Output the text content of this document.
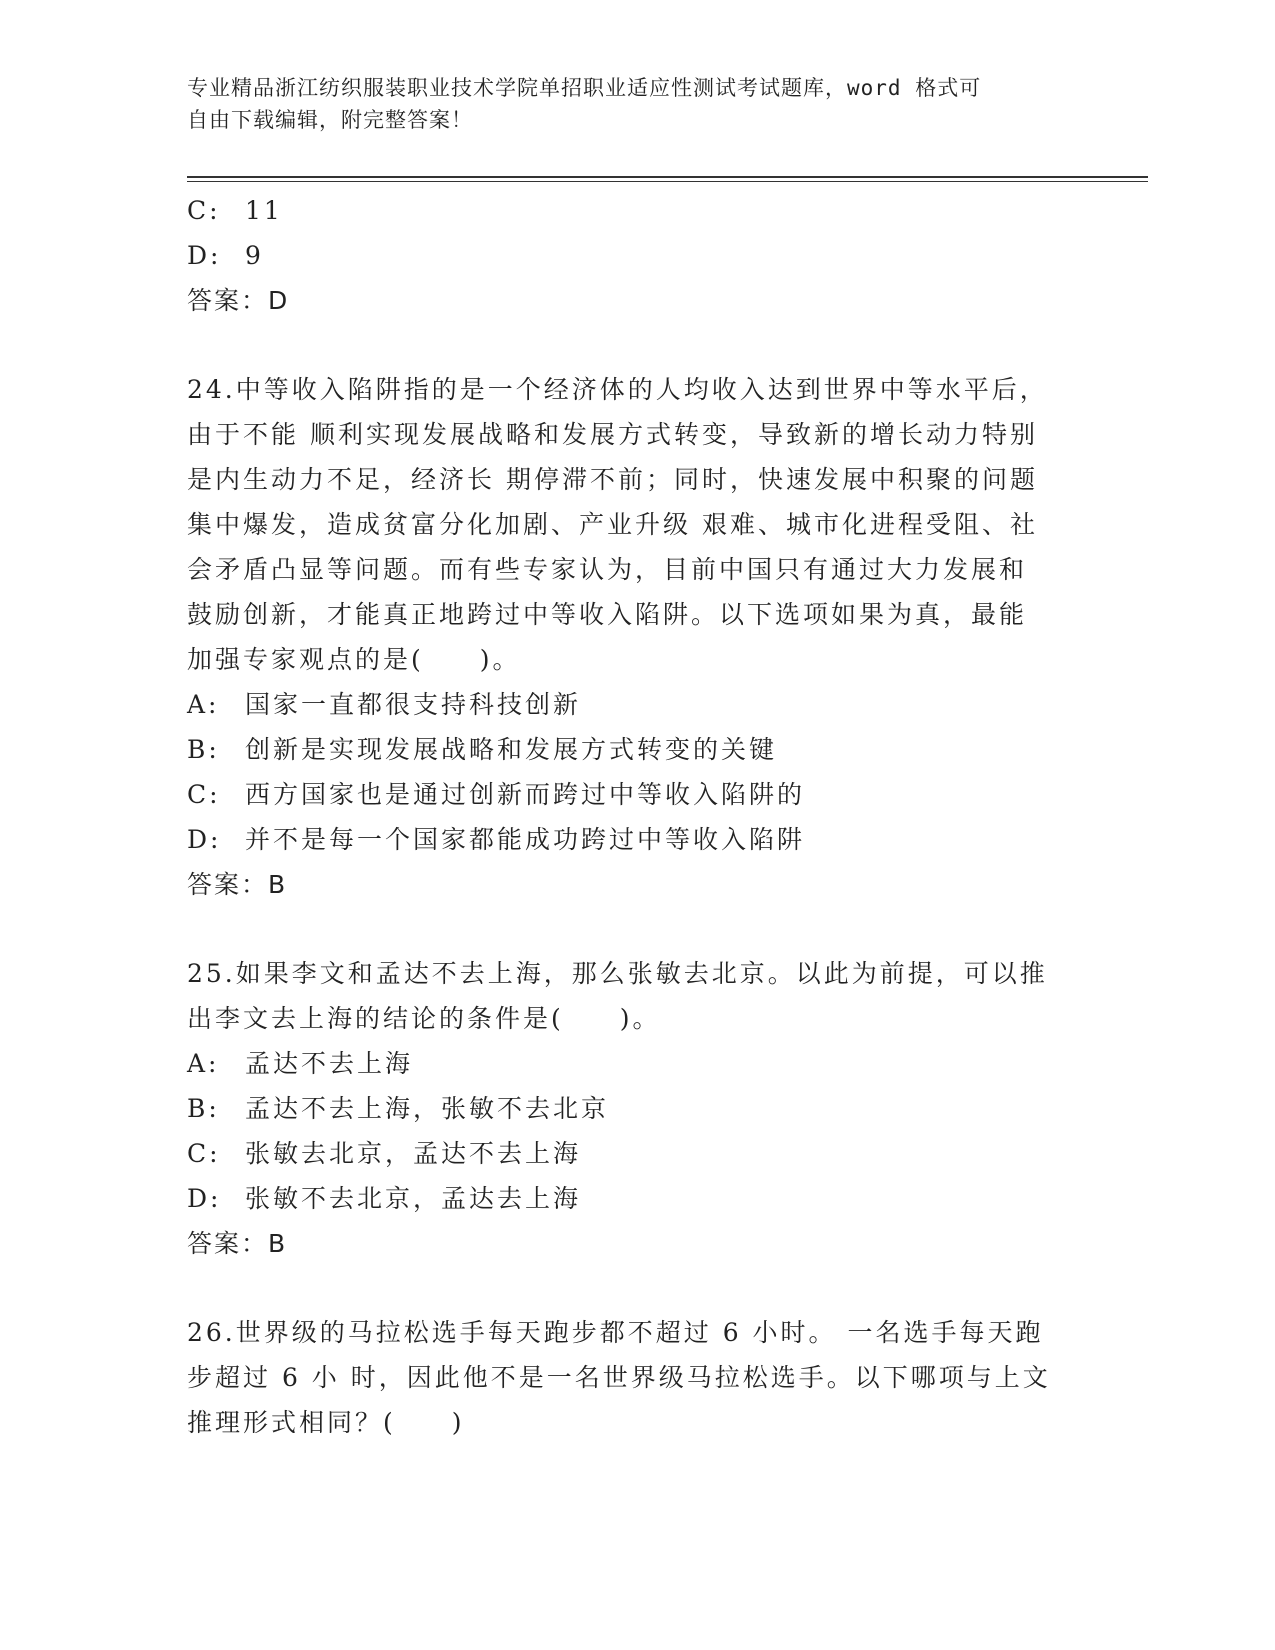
专业精品浙江纺织服装职业技术学院单招职业适应性测试考试题库，word 格式可
自由下载编辑，附完整答案！
C: 11
D: 9
答案：D
24.中等收入陷阱指的是一个经济体的人均收入达到世界中等水平后，
由于不能 顺利实现发展战略和发展方式转变，导致新的增长动力特别
是内生动力不足，经济长 期停滞不前；同时，快速发展中积聚的问题
集中爆发，造成贫富分化加剧、产业升级 艰难、城市化进程受阻、社
会矛盾凸显等问题。而有些专家认为，目前中国只有通过大力发展和
鼓励创新，才能真正地跨过中等收入陷阱。以下选项如果为真，最能
加强专家观点的是(　　)。
A: 国家一直都很支持科技创新
B: 创新是实现发展战略和发展方式转变的关键
C: 西方国家也是通过创新而跨过中等收入陷阱的
D: 并不是每一个国家都能成功跨过中等收入陷阱
答案：B
25.如果李文和孟达不去上海，那么张敏去北京。以此为前提，可以推
出李文去上海的结论的条件是(　　)。
A: 孟达不去上海
B: 孟达不去上海，张敏不去北京
C: 张敏去北京，孟达不去上海
D: 张敏不去北京，孟达去上海
答案：B
26.世界级的马拉松选手每天跑步都不超过 6 小时。 一名选手每天跑
步超过 6 小 时，因此他不是一名世界级马拉松选手。以下哪项与上文
推理形式相同？(　　)
